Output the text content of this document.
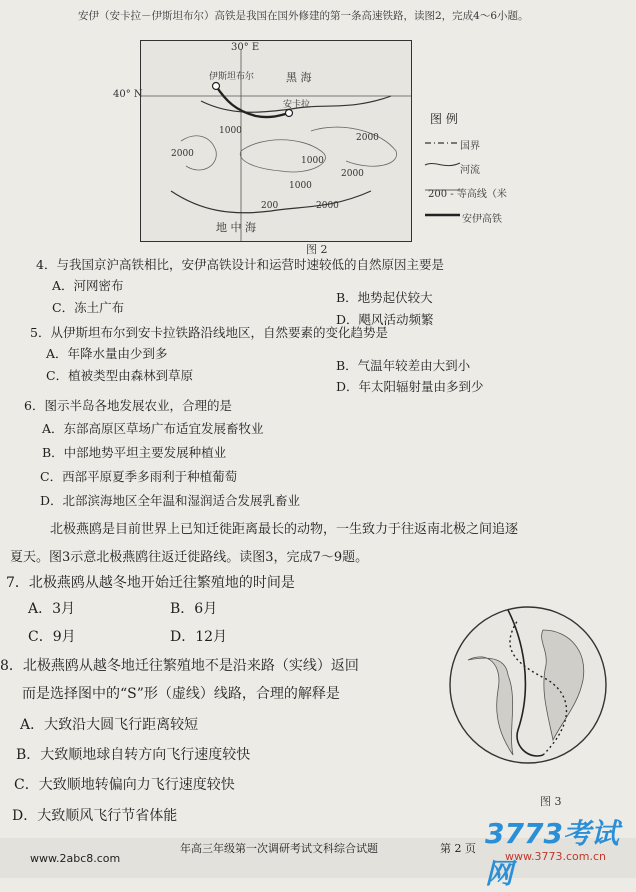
安伊（安卡拉－伊斯坦布尔）高铁是我国在国外修建的第一条高速铁路，读图2，完成4～6小题。
30° E
40° N
黑 海
地 中 海
伊斯坦布尔
安卡拉
2000
1000
2000
1000
2000
200
1000
2000
图 2
图 例
国界
河流
200 - 等高线（米
安伊高铁
4．与我国京沪高铁相比，安伊高铁设计和运营时速较低的自然原因主要是
A．河网密布
B．地势起伏较大
C．冻土广布
D．飓风活动频繁
5．从伊斯坦布尔到安卡拉铁路沿线地区，自然要素的变化趋势是
A．年降水量由少到多
B．气温年较差由大到小
C．植被类型由森林到草原
D．年太阳辐射量由多到少
6．图示半岛各地发展农业，合理的是
A．东部高原区草场广布适宜发展畜牧业
B．中部地势平坦主要发展种植业
C．西部平原夏季多雨利于种植葡萄
D．北部滨海地区全年温和湿润适合发展乳畜业
北极燕鸥是目前世界上已知迁徙距离最长的动物，一生致力于往返南北极之间追逐
夏天。图3示意北极燕鸥往返迁徙路线。读图3，完成7～9题。
7．北极燕鸥从越冬地开始迁往繁殖地的时间是
A．3月	B．6月
C．9月	D．12月
8．北极燕鸥从越冬地迁往繁殖地不是沿来路（实线）返回
而是选择图中的“S”形（虚线）线路，合理的解释是
A．大致沿大圆飞行距离较短
B．大致顺地球自转方向飞行速度较快
C．大致顺地转偏向力飞行速度较快
D．大致顺风飞行节省体能
图 3
www.2abc8.com
年高三年级第一次调研考试文科综合试题	第 2 页 3773考试网
www.3773.com.cn
